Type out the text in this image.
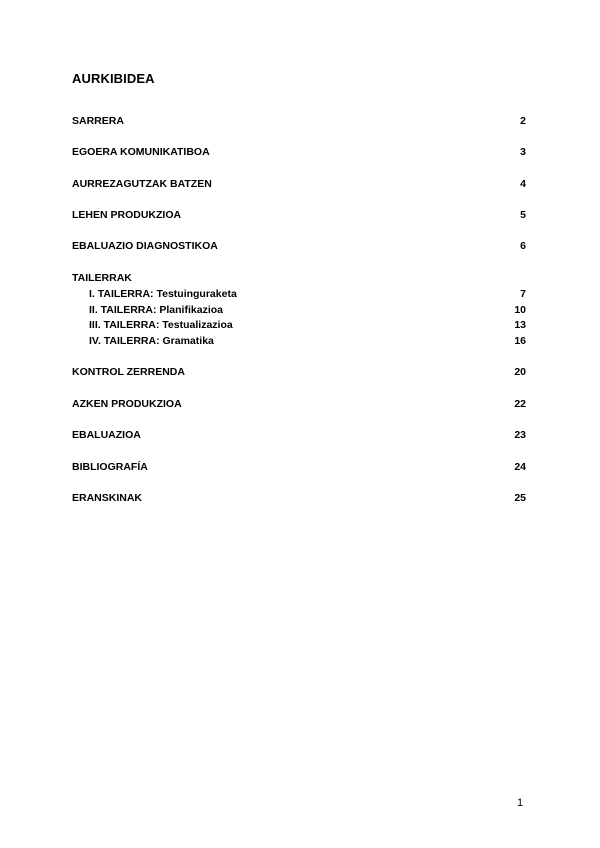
AURKIBIDEA
SARRERA	2
EGOERA KOMUNIKATIBOA	3
AURREZAGUTZAK BATZEN	4
LEHEN PRODUKZIOA	5
EBALUAZIO DIAGNOSTIKOA	6
TAILERRAK
I. TAILERRA: Testuinguraketa	7
II. TAILERRA: Planifikazioa	10
III. TAILERRA: Testualizazioa	13
IV. TAILERRA: Gramatika	16
KONTROL ZERRENDA	20
AZKEN PRODUKZIOA	22
EBALUAZIOA	23
BIBLIOGRAFÍA	24
ERANSKINAK	25
1
